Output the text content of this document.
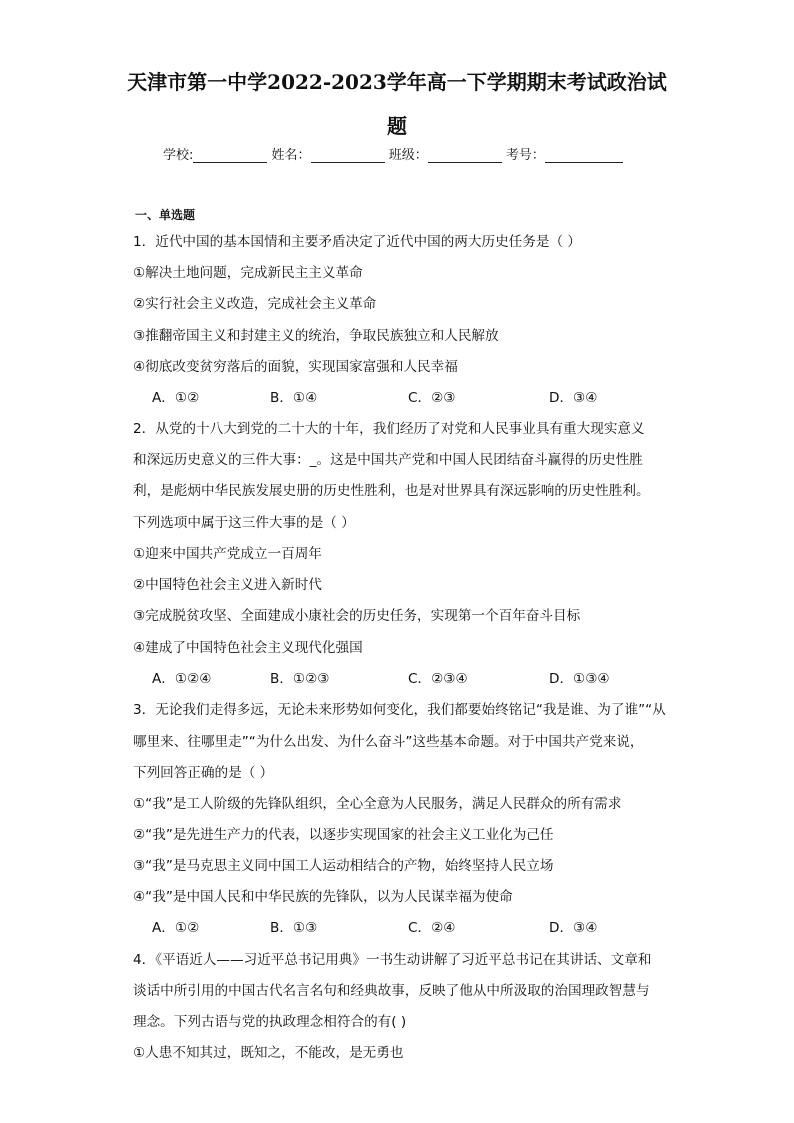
天津市第一中学2022-2023学年高一下学期期末考试政治试
题
学校:	姓名：	班级：	考号：
一、单选题
1．近代中国的基本国情和主要矛盾决定了近代中国的两大历史任务是（ ）
①解决土地问题，完成新民主主义革命
②实行社会主义改造，完成社会主义革命
③推翻帝国主义和封建主义的统治，争取民族独立和人民解放
④彻底改变贫穷落后的面貌，实现国家富强和人民幸福
A．①②	B．①④	C．②③	D．③④
2．从党的十八大到党的二十大的十年，我们经历了对党和人民事业具有重大现实意义
和深远历史意义的三件大事：_。这是中国共产党和中国人民团结奋斗赢得的历史性胜
利，是彪炳中华民族发展史册的历史性胜利，也是对世界具有深远影响的历史性胜利。
下列选项中属于这三件大事的是（ ）
①迎来中国共产党成立一百周年
②中国特色社会主义进入新时代
③完成脱贫攻坚、全面建成小康社会的历史任务，实现第一个百年奋斗目标
④建成了中国特色社会主义现代化强国
A．①②④	B．①②③	C．②③④	D．①③④
3．无论我们走得多远，无论未来形势如何变化，我们都要始终铭记“我是谁、为了谁”“从
哪里来、往哪里走”“为什么出发、为什么奋斗”这些基本命题。对于中国共产党来说，
下列回答正确的是（ ）
①“我”是工人阶级的先锋队组织，全心全意为人民服务，满足人民群众的所有需求
②“我”是先进生产力的代表，以逐步实现国家的社会主义工业化为己任
③“我”是马克思主义同中国工人运动相结合的产物，始终坚持人民立场
④“我”是中国人民和中华民族的先锋队，以为人民谋幸福为使命
A．①②	B．①③	C．②④	D．③④
4．《平语近人——习近平总书记用典》一书生动讲解了习近平总书记在其讲话、文章和
谈话中所引用的中国古代名言名句和经典故事，反映了他从中所汲取的治国理政智慧与
理念。下列古语与党的执政理念相符合的有( )
①人患不知其过，既知之，不能改，是无勇也
